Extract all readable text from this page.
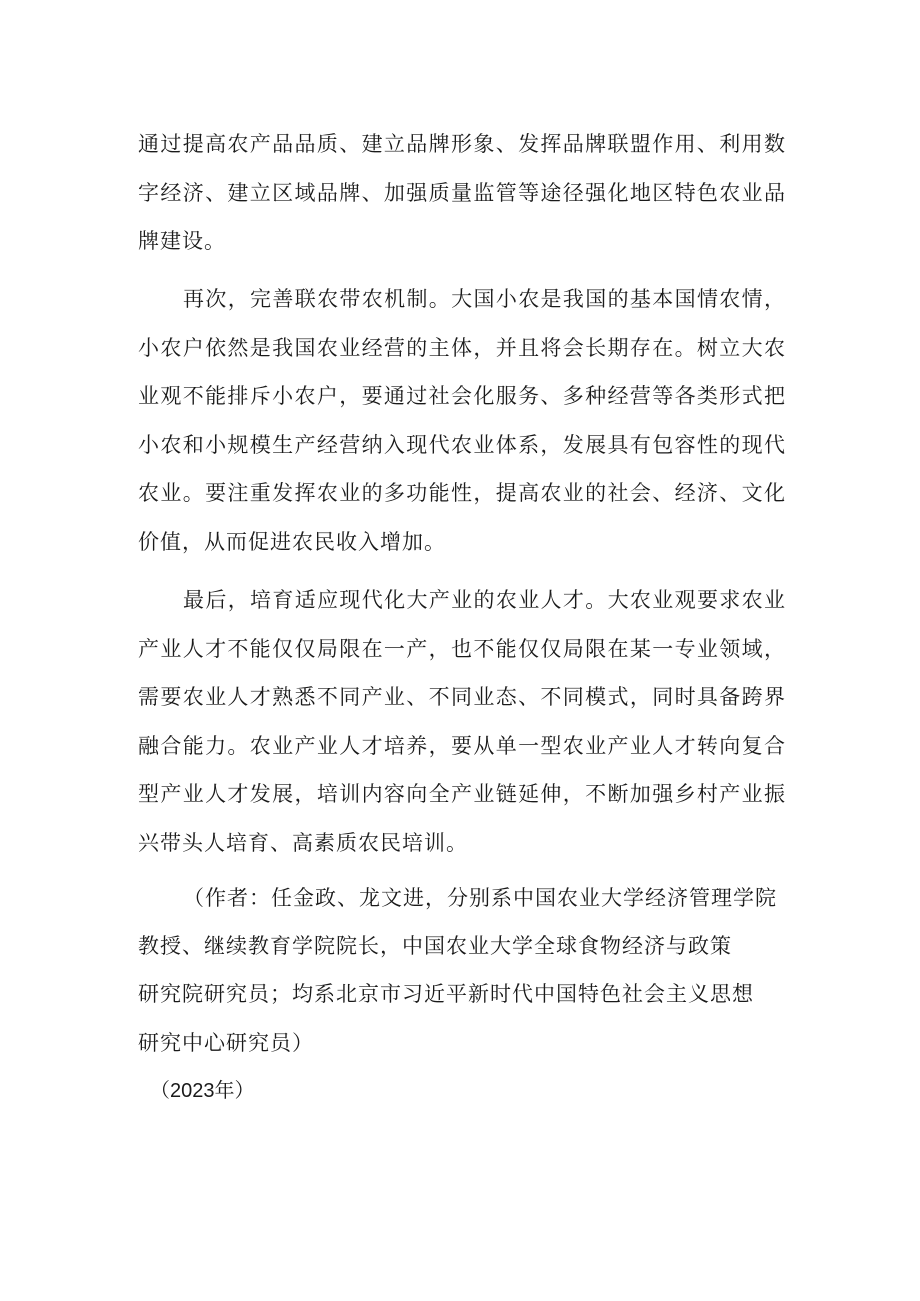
通过提高农产品品质、建立品牌形象、发挥品牌联盟作用、利用数字经济、建立区域品牌、加强质量监管等途径强化地区特色农业品牌建设。

再次，完善联农带农机制。大国小农是我国的基本国情农情，小农户依然是我国农业经营的主体，并且将会长期存在。树立大农业观不能排斥小农户，要通过社会化服务、多种经营等各类形式把小农和小规模生产经营纳入现代农业体系，发展具有包容性的现代农业。要注重发挥农业的多功能性，提高农业的社会、经济、文化价值，从而促进农民收入增加。

最后，培育适应现代化大产业的农业人才。大农业观要求农业产业人才不能仅仅局限在一产，也不能仅仅局限在某一专业领域，需要农业人才熟悉不同产业、不同业态、不同模式，同时具备跨界融合能力。农业产业人才培养，要从单一型农业产业人才转向复合型产业人才发展，培训内容向全产业链延伸，不断加强乡村产业振兴带头人培育、高素质农民培训。

（作者：任金政、龙文进，分别系中国农业大学经济管理学院

教授、继续教育学院院长，中国农业大学全球食物经济与政策

研究院研究员；均系北京市习近平新时代中国特色社会主义思想

研究中心研究员）

（2023年）
